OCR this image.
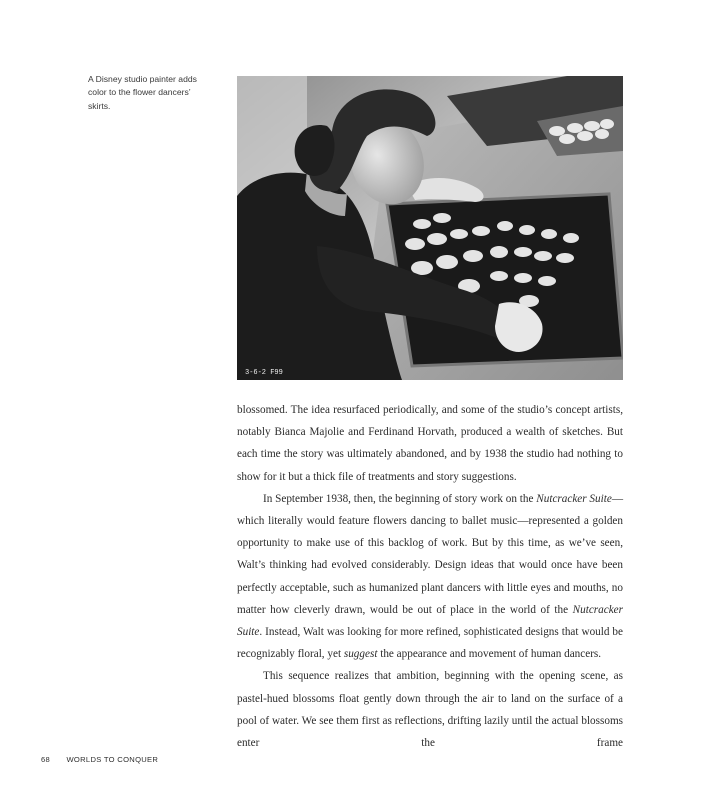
A Disney studio painter adds color to the flower dancers’ skirts.
3-6-2 F99

blossomed. The idea resurfaced periodically, and some of the studio’s concept artists, notably Bianca Majolie and Ferdinand Horvath, produced a wealth of sketches. But each time the story was ultimately abandoned, and by 1938 the studio had nothing to show for it but a thick file of treatments and story suggestions.

In September 1938, then, the beginning of story work on the Nutcracker Suite—which literally would feature flowers dancing to ballet music—represented a golden opportunity to make use of this backlog of work. But by this time, as we’ve seen, Walt’s thinking had evolved considerably. Design ideas that would once have been perfectly acceptable, such as humanized plant dancers with little eyes and mouths, no matter how cleverly drawn, would be out of place in the world of the Nutcracker Suite. Instead, Walt was looking for more refined, sophisticated designs that would be recognizably floral, yet suggest the appearance and movement of human dancers.

This sequence realizes that ambition, beginning with the opening scene, as pastel-hued blossoms float gently down through the air to land on the surface of a pool of water. We see them first as reflections, drifting lazily until the actual blossoms enter the frame

68 WORLDS TO CONQUER
